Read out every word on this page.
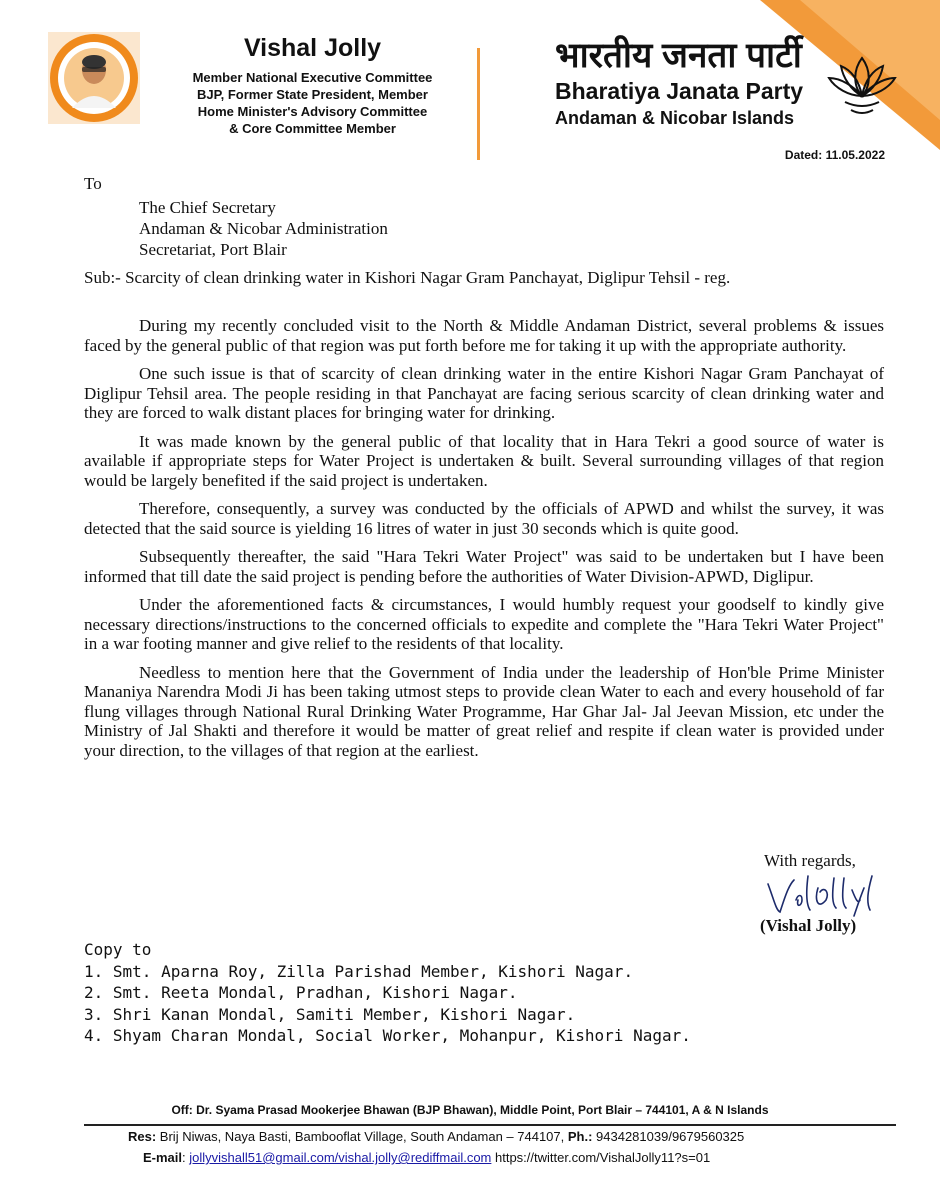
Vishal Jolly
Member National Executive Committee
BJP, Former State President, Member
Home Minister's Advisory Committee
& Core Committee Member
भारतीय जनता पार्टी
Bharatiya Janata Party
Andaman & Nicobar Islands
Dated: 11.05.2022
To
The Chief Secretary
Andaman & Nicobar Administration
Secretariat, Port Blair
Sub:- Scarcity of clean drinking water in Kishori Nagar Gram Panchayat, Diglipur Tehsil - reg.

During my recently concluded visit to the North & Middle Andaman District, several problems & issues faced by the general public of that region was put forth before me for taking it up with the appropriate authority.

One such issue is that of scarcity of clean drinking water in the entire Kishori Nagar Gram Panchayat of Diglipur Tehsil area. The people residing in that Panchayat are facing serious scarcity of clean drinking water and they are forced to walk distant places for bringing water for drinking.

It was made known by the general public of that locality that in Hara Tekri a good source of water is available if appropriate steps for Water Project is undertaken & built. Several surrounding villages of that region would be largely benefited if the said project is undertaken.

Therefore, consequently, a survey was conducted by the officials of APWD and whilst the survey, it was detected that the said source is yielding 16 litres of water in just 30 seconds which is quite good.

Subsequently thereafter, the said "Hara Tekri Water Project" was said to be undertaken but I have been informed that till date the said project is pending before the authorities of Water Division-APWD, Diglipur.

Under the aforementioned facts & circumstances, I would humbly request your goodself to kindly give necessary directions/instructions to the concerned officials to expedite and complete the "Hara Tekri Water Project" in a war footing manner and give relief to the residents of that locality.

Needless to mention here that the Government of India under the leadership of Hon'ble Prime Minister Mananiya Narendra Modi Ji has been taking utmost steps to provide clean Water to each and every household of far flung villages through National Rural Drinking Water Programme, Har Ghar Jal- Jal Jeevan Mission, etc under the Ministry of Jal Shakti and therefore it would be matter of great relief and respite if clean water is provided under your direction, to the villages of that region at the earliest.

With regards,
(Vishal Jolly)
Copy to
1. Smt. Aparna Roy, Zilla Parishad Member, Kishori Nagar.
2. Smt. Reeta Mondal, Pradhan, Kishori Nagar.
3. Shri Kanan Mondal, Samiti Member, Kishori Nagar.
4. Shyam Charan Mondal, Social Worker, Mohanpur, Kishori Nagar.
Off: Dr. Syama Prasad Mookerjee Bhawan (BJP Bhawan), Middle Point, Port Blair – 744101, A & N Islands
Res: Brij Niwas, Naya Basti, Bambooflat Village, South Andaman – 744107, Ph.: 9434281039/9679560325
E-mail: jollyvishall51@gmail.com/vishal.jolly@rediffmail.com https://twitter.com/VishalJolly11?s=01
